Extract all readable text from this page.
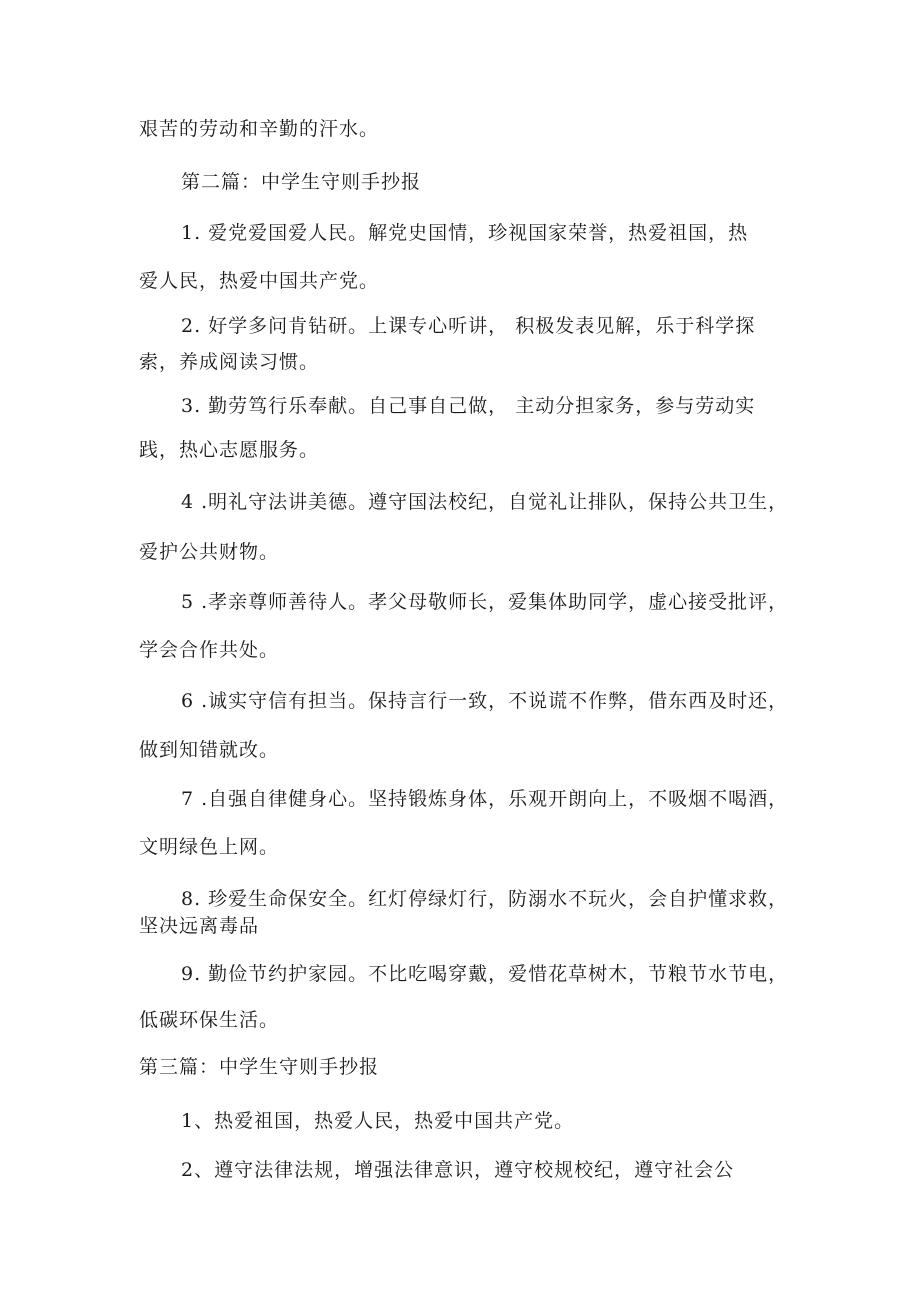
艰苦的劳动和辛勤的汗水。
第二篇：中学生守则手抄报
1. 爱党爱国爱人民。解党史国情，珍视国家荣誉，热爱祖国，热
爱人民，热爱中国共产党。
2. 好学多问肯钻研。上课专心听讲， 积极发表见解，乐于科学探
索，养成阅读习惯。
3. 勤劳笃行乐奉献。自己事自己做， 主动分担家务，参与劳动实
践，热心志愿服务。
4 .明礼守法讲美德。遵守国法校纪，自觉礼让排队，保持公共卫生，
爱护公共财物。
5 .孝亲尊师善待人。孝父母敬师长，爱集体助同学，虚心接受批评，
学会合作共处。
6 .诚实守信有担当。保持言行一致，不说谎不作弊，借东西及时还，
做到知错就改。
7 .自强自律健身心。坚持锻炼身体，乐观开朗向上，不吸烟不喝酒，
文明绿色上网。
8. 珍爱生命保安全。红灯停绿灯行，防溺水不玩火，会自护懂求救，
坚决远离毒品
9. 勤俭节约护家园。不比吃喝穿戴，爱惜花草树木，节粮节水节电，
低碳环保生活。
第三篇：中学生守则手抄报
1、热爱祖国，热爱人民，热爱中国共产党。
2、遵守法律法规，增强法律意识，遵守校规校纪，遵守社会公
